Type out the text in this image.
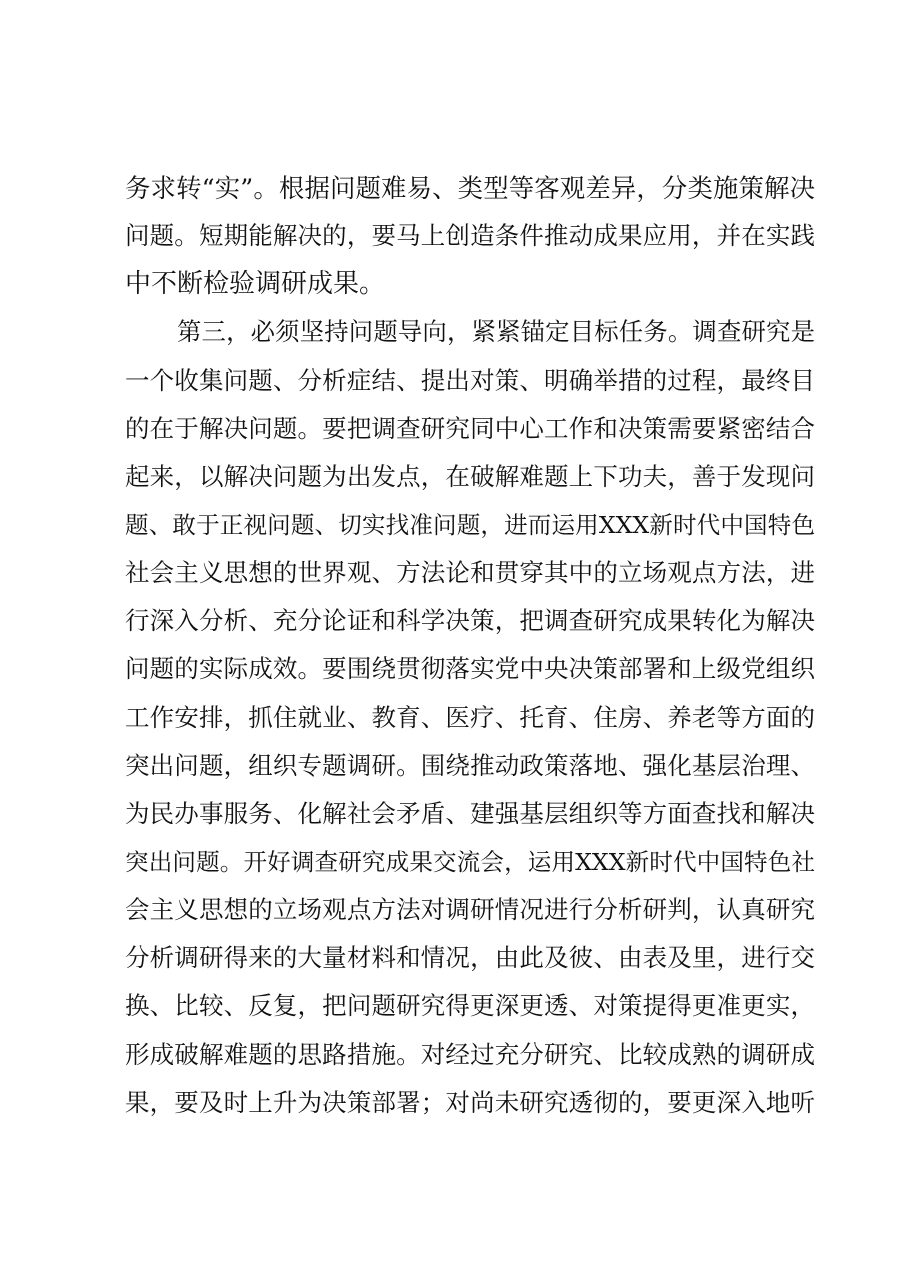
务求转“实”。根据问题难易、类型等客观差异，分类施策解决
问题。短期能解决的，要马上创造条件推动成果应用，并在实践
中不断检验调研成果。
第三，必须坚持问题导向，紧紧锚定目标任务。调查研究是
一个收集问题、分析症结、提出对策、明确举措的过程，最终目
的在于解决问题。要把调查研究同中心工作和决策需要紧密结合
起来，以解决问题为出发点，在破解难题上下功夫，善于发现问
题、敢于正视问题、切实找准问题，进而运用XXX新时代中国特色
社会主义思想的世界观、方法论和贯穿其中的立场观点方法，进
行深入分析、充分论证和科学决策，把调查研究成果转化为解决
问题的实际成效。要围绕贯彻落实党中央决策部署和上级党组织
工作安排，抓住就业、教育、医疗、托育、住房、养老等方面的
突出问题，组织专题调研。围绕推动政策落地、强化基层治理、
为民办事服务、化解社会矛盾、建强基层组织等方面查找和解决
突出问题。开好调查研究成果交流会，运用XXX新时代中国特色社
会主义思想的立场观点方法对调研情况进行分析研判，认真研究
分析调研得来的大量材料和情况，由此及彼、由表及里，进行交
换、比较、反复，把问题研究得更深更透、对策提得更准更实，
形成破解难题的思路措施。对经过充分研究、比较成熟的调研成
果，要及时上升为决策部署；对尚未研究透彻的，要更深入地听
